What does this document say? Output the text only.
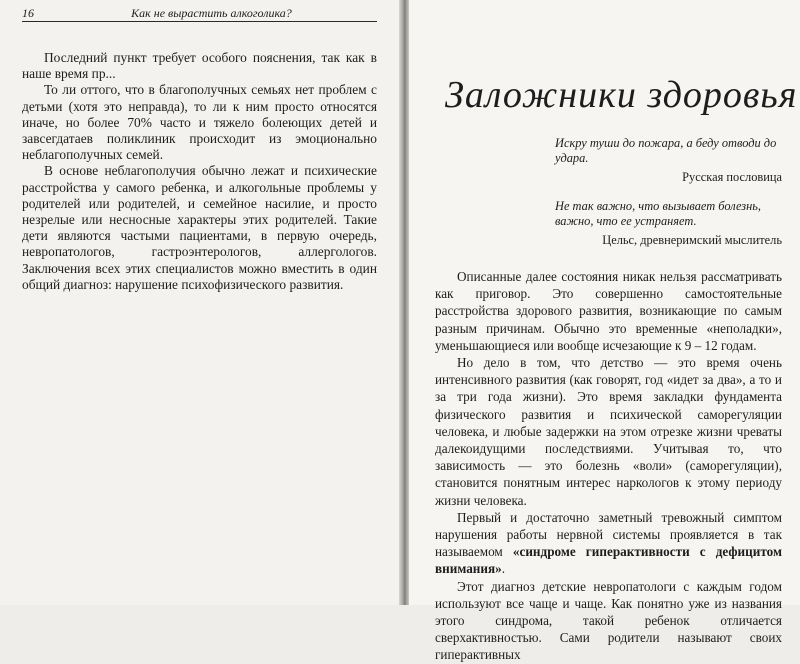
16	Как не вырастить алкоголика?

Последний пункт требует особого пояснения, так как в наше время пр...

То ли оттого, что в благополучных семьях нет проблем с детьми (хотя это неправда), то ли к ним просто относятся иначе, но более 70% часто и тяжело болеющих детей и завсегдатаев поликлиник происходит из эмоционально неблагополучных семей.

В основе неблагополучия обычно лежат и психические расстройства у самого ребенка, и алкогольные проблемы у родителей или родителей, и семейное насилие, и просто незрелые или несносные характеры этих родителей. Такие дети являются частыми пациентами, в первую очередь, невропатологов, гастроэнтерологов, аллергологов. Заключения всех этих специалистов можно вместить в один общий диагноз: нарушение психофизического развития.

Заложники здоровья
Искру туши до пожара, а беду отводи до удара.
Русская пословица
Не так важно, что вызывает болезнь, важно, что ее устраняет.
Цельс, древнеримский мыслитель

Описанные далее состояния никак нельзя рассматривать как приговор. Это совершенно самостоятельные расстройства здорового развития, возникающие по самым разным причинам. Обычно это временные «неполадки», уменьшающиеся или вообще исчезающие к 9 – 12 годам.

Но дело в том, что детство — это время очень интенсивного развития (как говорят, год «идет за два», а то и за три года жизни). Это время закладки фундамента физического развития и психической саморегуляции человека, и любые задержки на этом отрезке жизни чреваты далекоидущими последствиями. Учитывая то, что зависимость — это болезнь «воли» (саморегуляции), становится понятным интерес наркологов к этому периоду жизни человека.

Первый и достаточно заметный тревожный симптом нарушения работы нервной системы проявляется в так называемом «синдроме гиперактивности с дефицитом внимания».

Этот диагноз детские невропатологи с каждым годом используют все чаще и чаще. Как понятно уже из названия этого синдрома, такой ребенок отличается сверхактивностью. Сами родители называют своих гиперактивных
